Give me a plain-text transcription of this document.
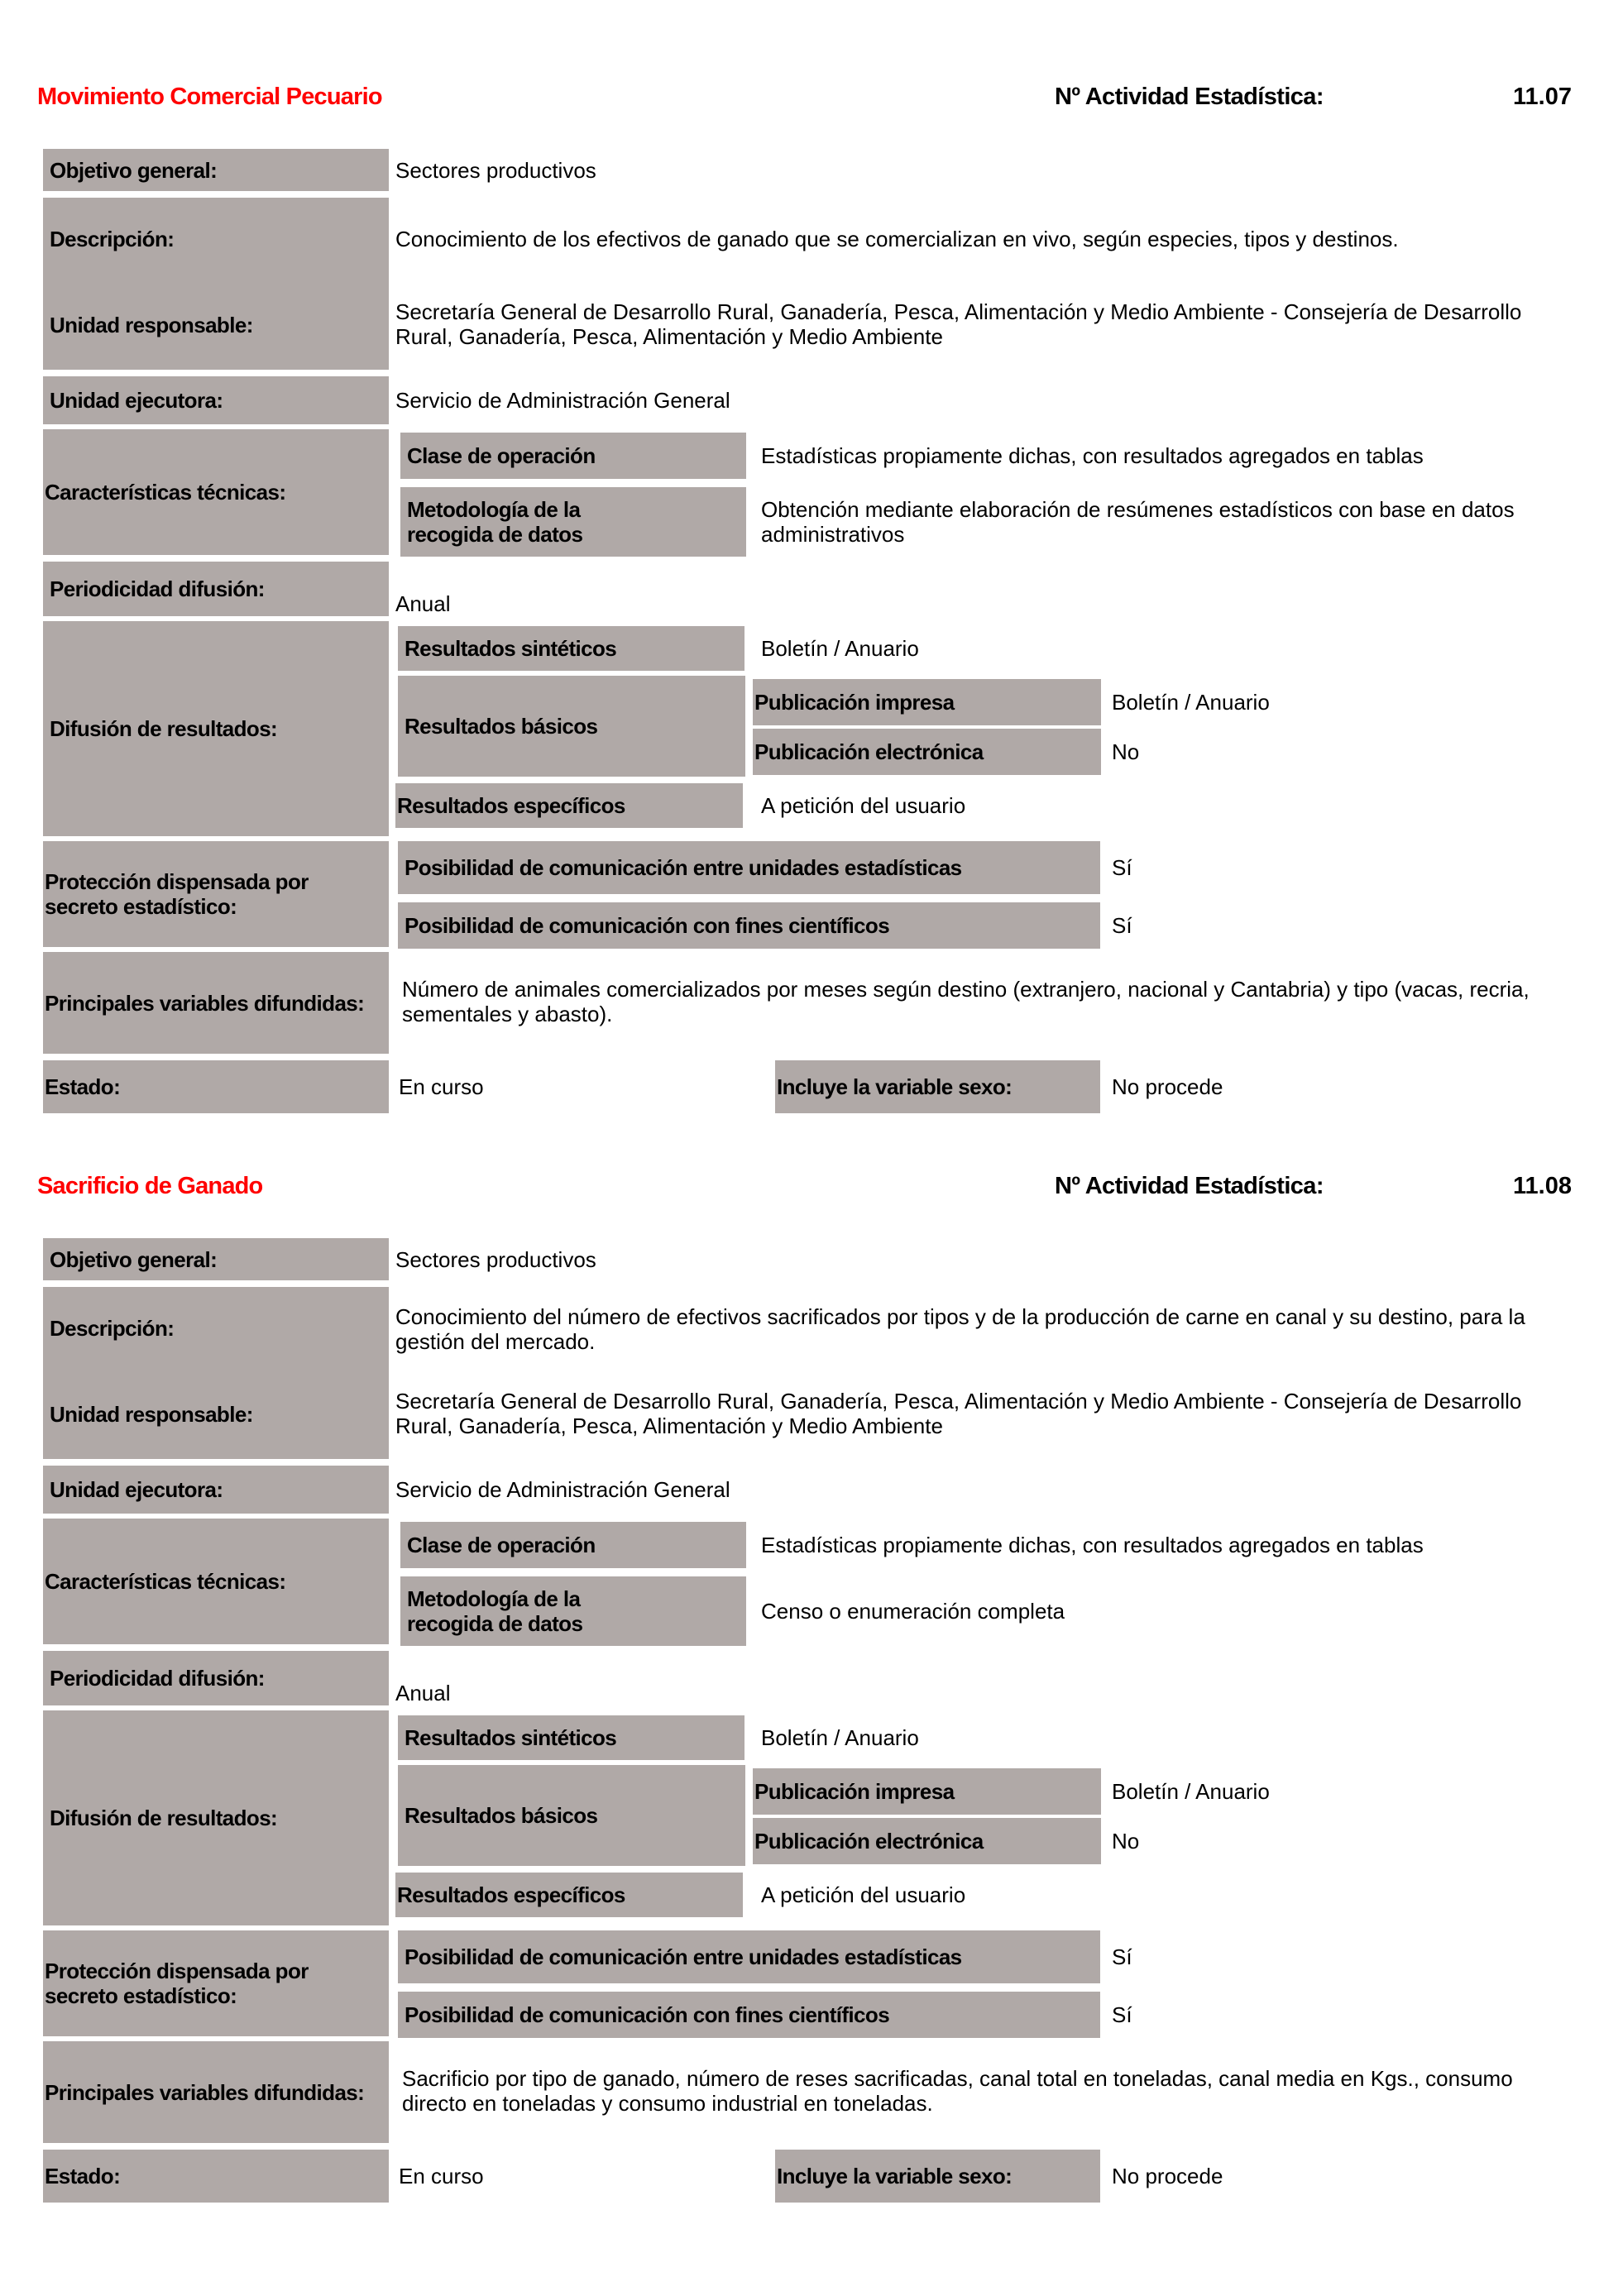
Movimiento Comercial Pecuario	Nº Actividad Estadística:	11.07
Objetivo general:	Sectores productivos
Descripción:	Conocimiento de los efectivos de ganado que se comercializan en vivo, según especies, tipos y destinos.
Unidad responsable:
Secretaría General de Desarrollo Rural, Ganadería, Pesca, Alimentación y Medio Ambiente - Consejería de Desarrollo Rural, Ganadería, Pesca, Alimentación y Medio Ambiente
Unidad ejecutora:	Servicio de Administración General
Características técnicas:
Clase de operación	Estadísticas propiamente dichas, con resultados agregados en tablas
Metodología de la recogida de datos
Obtención mediante elaboración de resúmenes estadísticos con base en datos administrativos
Periodicidad difusión:
Anual
Difusión de resultados:
Resultados sintéticos	Boletín / Anuario
Resultados básicos
Publicación impresa	Boletín / Anuario
Publicación electrónica	No
Resultados específicos	A petición del usuario
Protección dispensada por secreto estadístico:
Posibilidad de comunicación entre unidades estadísticas	Sí
Posibilidad de comunicación con fines científicos	Sí
Principales variables difundidas:
Número de animales comercializados por meses según destino (extranjero, nacional y Cantabria) y tipo (vacas, recria, sementales y abasto).
Estado:	En curso	Incluye la variable sexo:	No procede
Sacrificio de Ganado	Nº Actividad Estadística:	11.08
Objetivo general:	Sectores productivos
Descripción:	Conocimiento del número de efectivos sacrificados por tipos y de la producción de carne en canal y su destino, para la gestión del mercado.
Unidad responsable:
Secretaría General de Desarrollo Rural, Ganadería, Pesca, Alimentación y Medio Ambiente - Consejería de Desarrollo Rural, Ganadería, Pesca, Alimentación y Medio Ambiente
Unidad ejecutora:	Servicio de Administración General
Características técnicas:
Clase de operación	Estadísticas propiamente dichas, con resultados agregados en tablas
Metodología de la recogida de datos	Censo o enumeración completa
Periodicidad difusión:
Anual
Difusión de resultados:
Resultados sintéticos	Boletín / Anuario
Resultados básicos
Publicación impresa	Boletín / Anuario
Publicación electrónica	No
Resultados específicos	A petición del usuario
Protección dispensada por secreto estadístico:
Posibilidad de comunicación entre unidades estadísticas	Sí
Posibilidad de comunicación con fines científicos	Sí
Principales variables difundidas:
Sacrificio por tipo de ganado, número de reses sacrificadas, canal total en toneladas, canal media en Kgs., consumo directo en toneladas y consumo industrial en toneladas.
Estado:	En curso	Incluye la variable sexo:	No procede
